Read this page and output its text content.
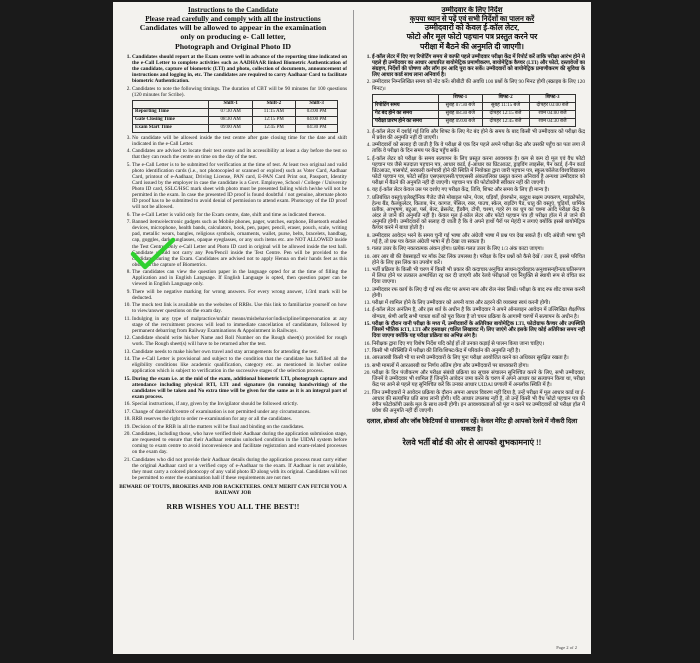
Instructions to the Candidate
Please read carefully and comply with all the instructions
Candidates will be allowed to appear in the examination
only on producing e- Call letter,
Photograph and Original Photo ID
1. Candidates should report at the Exam centre well in advance of the reporting time indicated on the e-Call Letter to complete activities such as AADHAAR linked Biometric Authentication of the candidate, capture of biometric (LTI) and photo, collection of documents, announcement of instructions and logging in, etc. The candidates are required to carry Aadhaar Card to facilitate biometric Authentication.
2. Candidates to note the following timings. The duration of CBT will be 90 minutes for 100 questions (120 minutes for Scribe).
	Shift-1	Shift-2	Shift-3
Reporting Time	07:30 AM	11:15 AM	03:00 PM
Gate Closing Time	08:30 AM	12:15 PM	04:00 PM
Exam Start Time	09:00 AM	12:45 PM	04:30 PM
3. No candidate will be allowed inside the test centre after gate closing time for the date and shift indicated in the e-Call Letter.
4. Candidates are advised to locate their test centre and its accessibility at least a day before the test so that they can reach the centre on time on the day of the test.
5. The e-Call Letter is to be submitted for verification at the time of test. At least two original and valid photo identification cards (i.e., not photocopied or scanned or expired) such as Voter Card, Aadhaar Card, printout of e-Aadhaar, Driving License, PAN card, E-PAN Card Print out, Passport, Identity Card issued by the employer in case the candidate is a Govt. Employee, School / College / University Photo ID card, SSLC/HSC mark sheet with photo must be presented failing which he/she will not be permitted in the exam. In case the presented ID proof is found doubtful / not genuine, alternate photo ID proof has to be submitted to avoid denial of permission to attend exam. Photocopy of the ID proof will not be allowed.
6. The e-Call Letter is valid only for the Exam centre, date, shift and time as indicated thereon.
7. Banned items/electronic gadgets such as Mobile phones, pager, watches, earphone, Bluetooth enabled devices, microphone, health bands, calculators, book, pen, paper, pencil, eraser, pouch, scale, writing pad, metallic wears, bangles, religious symbols, ornaments, wallet, purse, belts, bracelets, handbag, cap, goggles, dark sunglasses, opaque eyeglasses, or any such items etc. are NOT ALLOWED inside the Test Centre. Only e-Call Letter and Photo ID card in original will be allowed inside the test hall. Candidate should not carry any Pen/Pencil inside the Test Centre. Pen will be provided to the candidates during the Exam. Candidates are advised not to apply Henna on their hands feet as this obstructs the capture of Biometrics.
8. The candidates can view the question paper in the language opted for at the time of filling the Application and in English Language. If English Language is opted, then question paper can be viewed in English Language only.
9. There will be negative marking for wrong answers. For every wrong answer, 1/3rd mark will be deducted.
10. The mock test link is available on the websites of RRBs. Use this link to familiarize yourself on how to view/answer questions on the exam day.
11. Indulging in any type of malpractice/unfair means/misbehavior/indiscipline/impersonation at any stage of the recruitment process will lead to immediate cancellation of candidature, followed by permanent debarring from Railway Examinations & Appointment in Railways.
12. Candidate should write his/her Name and Roll Number on the Rough sheet(s) provided for rough work. The Rough sheet(s) will have to be returned after the test.
13. Candidate needs to make his/her own travel and stay arrangements for attending the test.
14. The e-Call Letter is provisional and subject to the condition that the candidate has fulfilled all the eligibility conditions like academic qualification, category etc. as mentioned in his/her online application which is subject to verification in the successive stages of the selection process.
15. During the exam i.e. at the mid of the exam, additional biometric LTI, photograph capture and attendance including physical RTI, LTI and signature (in running handwriting) of the candidates will be taken and No extra time will be given for the same as it is an integral part of exam process.
16. Special instructions, if any, given by the Invigilator should be followed strictly.
17. Change of date/shift/centre of examination is not permitted under any circumstances.
18. RRB reserves the right to order re-examination for any or all the candidates.
19. Decision of the RRB in all the matters will be final and binding on the candidates.
20. Candidates, including those, who have verified their Aadhaar during the application submission stage, are requested to ensure that their Aadhaar remains unlocked condition in the UIDAI system before coming to exam centre to avoid inconvenience and facilitate registration and exam-related processes on the exam day.
21. Candidates who did not provide their Aadhaar details during the application process must carry either the original Aadhaar card or a verified copy of e-Aadhaar to the exam. If Aadhaar is not available, they must carry a colored photocopy of any valid photo ID along with its original. Candidates will not be permitted to enter the examination hall if these requirements are not met.
BEWARE OF TOUTS, BROKERS AND JOB RACKETEERS. ONLY MERIT CAN FETCH YOU A RAILWAY JOB
RRB WISHES YOU ALL THE BEST!!
उम्मीदवार के लिए निर्देश
कृपया ध्यान से पढ़ें एवं सभी निर्देशों का पालन करें
उम्मीदवारों को केवल ई-कॉल लेटर,
फोटो और मूल फोटो पहचान पत्र प्रस्तुत करने पर
परीक्षा में बैठने की अनुमति दी जाएगी।
1. ई-कॉल लेटर में दिए गए रिपोर्टिंग समय से काफी पहले उम्मीदवार परीक्षा केंद्र में रिपोर्ट करें ताकि परीक्षा आरंभ होने से पहले ही उम्मीदवार का आधार आधारित बायोमेट्रिक प्रमाणीकरण, बायोमेट्रिक कैप्चर (LTI) और फोटो, दस्तावेजों का संग्रहण, निर्देशों की घोषणा और लॉग इन आदि पूरा कर सकें। उम्मीदवारों को बायोमेट्रिक प्रमाणीकरण की सुविधा के लिए आधार कार्ड साथ लाना अनिवार्य है।
2. उम्मीदवार निम्नलिखित समय को नोट करें। सीबीटी की अवधि 100 प्रश्नों के लिए 90 मिनट होगी (स्क्राइब के लिए 120 मिनट)।
	शिफ्ट-1	शिफ्ट-2	शिफ्ट-3
रिपोर्टिंग समय	सुबह 07:30 बजे	सुबह 11:15 बजे	दोपहर 03:00 बजे
गेट बंद होने का समय	सुबह 08:30 बजे	दोपहर 12:15 बजे	शाम 04:00 बजे
परीक्षा प्रारंभ होने का समय	सुबह 09:00 बजे	दोपहर 12:45 बजे	शाम 04:30 बजे
3. ई-कॉल लेटर में दर्शाई गई तिथि और शिफ्ट के लिए गेट बंद होने के समय के बाद किसी भी उम्मीदवार को परीक्षा केंद्र में प्रवेश की अनुमति नहीं दी जाएगी।
4. उम्मीदवारों को सलाह दी जाती है कि वे परीक्षा से एक दिन पहले अपने परीक्षा केंद्र और उसकी पहुँच का पता लगा लें ताकि वे परीक्षा के दिन समय पर केंद्र पहुँच सकें।
5. ई-कॉल लेटर को परीक्षा के समय सत्यापन के लिए प्रस्तुत करना आवश्यक है। कम से कम दो मूल एवं वैध फोटो पहचान पत्र जैसे मतदाता पहचान पत्र, आधार कार्ड, ई-आधार का प्रिंटआउट, ड्राइविंग लाइसेंस, पैन कार्ड, ई-पैन कार्ड प्रिंटआउट, पासपोर्ट, सरकारी कर्मचारी होने की स्थिति में नियोक्ता द्वारा जारी पहचान पत्र, स्कूल/कॉलेज/विश्वविद्यालय फोटो पहचान पत्र, फोटो सहित एसएसएलसी/एचएससी अंकतालिका प्रस्तुत करना अनिवार्य है अन्यथा उम्मीदवार को परीक्षा में बैठने की अनुमति नहीं दी जाएगी। पहचान पत्र की फोटोकॉपी स्वीकार नहीं की जाएगी।
6. यह ई-कॉल लेटर केवल उस पर दर्शाए गए परीक्षा केंद्र, तिथि, शिफ्ट और समय के लिए ही मान्य है।
7. प्रतिबंधित वस्तुएं/इलेक्ट्रॉनिक गैजेट जैसे मोबाइल फोन, पेजर, घड़ियाँ, ईयरफोन, ब्लूटूथ सक्षम उपकरण, माइक्रोफोन, हेल्थ बैंड, कैलकुलेटर, किताब, पेन, कागज, पेंसिल, रबर, पाउच, स्केल, राइटिंग पैड, धातु की वस्तुएं, चूड़ियाँ, धार्मिक प्रतीक, आभूषण, बटुआ, पर्स, बेल्ट, ब्रेसलेट, हैंडबैग, टोपी, चश्मा, गहरे रंग का धूप का चश्मा आदि परीक्षा केंद्र के अंदर ले जाने की अनुमति नहीं है। केवल मूल ई-कॉल लेटर और फोटो पहचान पत्र ही परीक्षा हॉल में ले जाने की अनुमति होगी। उम्मीदवारों को सलाह दी जाती है कि वे अपने हाथों पैरों पर मेहंदी न लगाएं क्योंकि इससे बायोमेट्रिक कैप्चर करने में बाधा होती है।
8. उम्मीदवार आवेदन भरने के समय चुनी गई भाषा और अंग्रेजी भाषा में प्रश्न पत्र देख सकते हैं। यदि अंग्रेजी भाषा चुनी गई है, तो प्रश्न पत्र केवल अंग्रेजी भाषा में ही देखा जा सकता है।
9. गलत उत्तर के लिए नकारात्मक अंकन होगा। प्रत्येक गलत उत्तर के लिए 1/3 अंक काटा जाएगा।
10. आर आर बी की वेबसाइटों पर मॉक टेस्ट लिंक उपलब्ध है। परीक्षा के दिन प्रश्नों को कैसे देखें / उत्तर दें, इससे परिचित होने के लिए इस लिंक का उपयोग करें।
11. भर्ती प्रक्रिया के किसी भी चरण में किसी भी प्रकार की कदाचार/अनुचित साधन/दुर्व्यवहार/अनुशासनहीनता/प्रतिरूपण में लिप्त होने पर तत्काल अभ्यर्थिता रद्द कर दी जाएगी और रेलवे परीक्षाओं एवं नियुक्ति से स्थायी रूप से वंचित कर दिया जाएगा।
12. उम्मीदवार रफ कार्य के लिए दी गई रफ शीट पर अपना नाम और रोल नंबर लिखें। परीक्षा के बाद रफ शीट वापस करनी होगी।
13. परीक्षा में शामिल होने के लिए उम्मीदवार को अपनी यात्रा और ठहरने की व्यवस्था स्वयं करनी होगी।
14. ई-कॉल लेटर अनंतिम है, और इस शर्त के अधीन है कि उम्मीदवार ने अपने ऑनलाइन आवेदन में उल्लिखित शैक्षणिक योग्यता, श्रेणी आदि सभी पात्रता शर्तों को पूरा किया है जो चयन प्रक्रिया के आगामी चरणों में सत्यापन के अधीन है।
15. परीक्षा के दौरान यानी परीक्षा के मध्य में, उम्मीदवारों के अतिरिक्त बायोमेट्रिक LTI, फोटोग्राफ कैप्चर और उपस्थिति जिसमें भौतिक RTI, LTI और हस्ताक्षर (चलित लिखावट में) लिए जाएंगे और इसके लिए कोई अतिरिक्त समय नहीं दिया जाएगा क्योंकि यह परीक्षा प्रक्रिया का अभिन्न अंग है।
16. निरीक्षक द्वारा दिए गए विशेष निर्देश यदि कोई हों तो उनका कड़ाई से पालन किया जाना चाहिए।
17. किसी भी परिस्थिति में परीक्षा की तिथि/शिफ्ट/केंद्र में परिवर्तन की अनुमति नहीं है।
18. आरआरबी किसी भी या सभी उम्मीदवारों के लिए पुनः परीक्षा आयोजित करने का अधिकार सुरक्षित रखता है।
19. सभी मामलों में आरआरबी का निर्णय अंतिम होगा और उम्मीदवारों पर बाध्यकारी होगा।
20. परीक्षा के दिन पंजीकरण और परीक्षा संबंधी प्रक्रिया का सुचारु संचालन सुनिश्चित करने के लिए, सभी उम्मीदवार, जिनमें वे उम्मीदवार भी शामिल हैं जिन्होंने आवेदन जमा करने के चरण में अपने आधार का सत्यापन किया था, परीक्षा केंद्र पर आने से पहले यह सुनिश्चित करें कि उनका आधार UIDAI प्रणाली में अनलॉक स्थिति में है।
21. जिन उम्मीदवारों ने आवेदन प्रक्रिया के दौरान अपना आधार विवरण नहीं दिया है, उन्हें परीक्षा में मूल आधार कार्ड या ई-आधार की सत्यापित प्रति साथ लानी होगी। यदि आधार उपलब्ध नहीं है, तो उन्हें किसी भी वैध फोटो पहचान पत्र की रंगीन फोटोकॉपी उसके मूल के साथ लानी होगी। इन आवश्यकताओं को पूरा न करने पर उम्मीदवारों को परीक्षा हॉल में प्रवेश की अनुमति नहीं दी जाएगी।
दलाल, ब्रोकर्स और जॉब रैकेटियर्स से सावधान रहें। केवल मेरिट ही आपको रेलवे में नौकरी दिला सकता है।
रेलवे भर्ती बोर्ड की ओर से आपको शुभकामनाएं !!
Page 2 of 2
